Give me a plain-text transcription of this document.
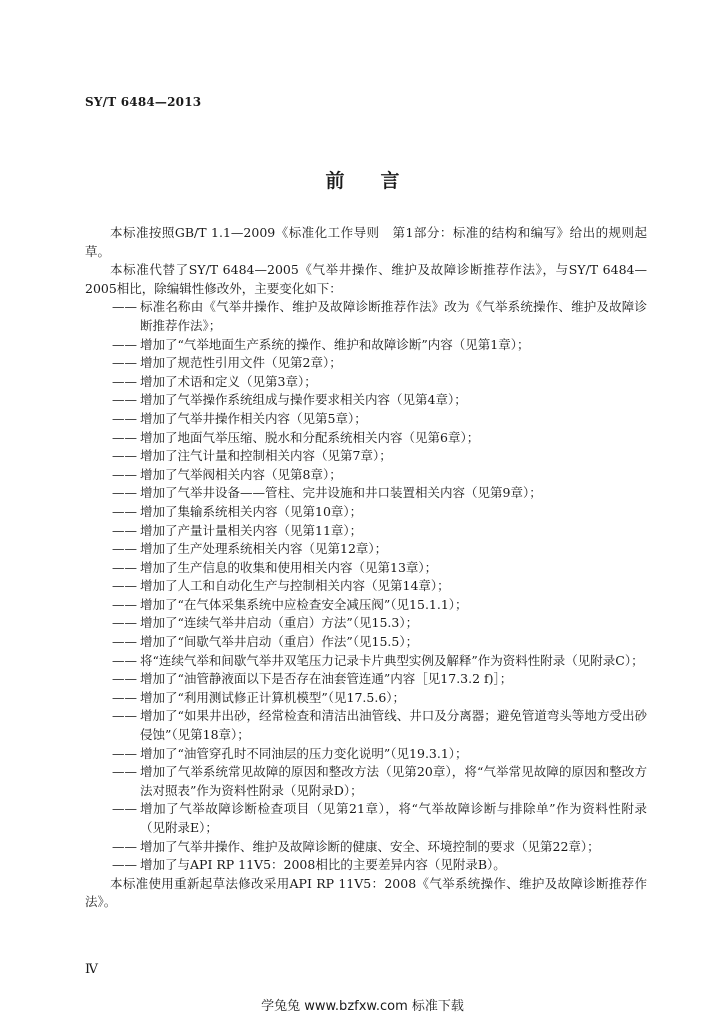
SY/T 6484—2013
前 言

本标准按照GB/T 1.1—2009《标准化工作导则　第1部分：标准的结构和编写》给出的规则起草。

本标准代替了SY/T 6484—2005《气举井操作、维护及故障诊断推荐作法》，与SY/T 6484—2005相比，除编辑性修改外，主要变化如下：

—— 标准名称由《气举井操作、维护及故障诊断推荐作法》改为《气举系统操作、维护及故障诊断推荐作法》；

—— 增加了“气举地面生产系统的操作、维护和故障诊断”内容（见第1章）；

—— 增加了规范性引用文件（见第2章）；

—— 增加了术语和定义（见第3章）；

—— 增加了气举操作系统组成与操作要求相关内容（见第4章）；

—— 增加了气举井操作相关内容（见第5章）；

—— 增加了地面气举压缩、脱水和分配系统相关内容（见第6章）；

—— 增加了注气计量和控制相关内容（见第7章）；

—— 增加了气举阀相关内容（见第8章）；

—— 增加了气举井设备——管柱、完井设施和井口装置相关内容（见第9章）；

—— 增加了集输系统相关内容（见第10章）；

—— 增加了产量计量相关内容（见第11章）；

—— 增加了生产处理系统相关内容（见第12章）；

—— 增加了生产信息的收集和使用相关内容（见第13章）；

—— 增加了人工和自动化生产与控制相关内容（见第14章）；

—— 增加了“在气体采集系统中应检查安全减压阀”（见15.1.1）；

—— 增加了“连续气举井启动（重启）方法”（见15.3）；

—— 增加了“间歇气举井启动（重启）作法”（见15.5）；

—— 将“连续气举和间歇气举井双笔压力记录卡片典型实例及解释”作为资料性附录（见附录C）；

—— 增加了“油管静液面以下是否存在油套管连通”内容［见17.3.2 f)］；

—— 增加了“利用测试修正计算机模型”（见17.5.6）；

—— 增加了“如果井出砂，经常检查和清洁出油管线、井口及分离器；避免管道弯头等地方受出砂侵蚀”（见第18章）；

—— 增加了“油管穿孔时不同油层的压力变化说明”（见19.3.1）；

—— 增加了气举系统常见故障的原因和整改方法（见第20章），将“气举常见故障的原因和整改方法对照表”作为资料性附录（见附录D）；

—— 增加了气举故障诊断检查项目（见第21章），将“气举故障诊断与排除单”作为资料性附录（见附录E）；

—— 增加了气举井操作、维护及故障诊断的健康、安全、环境控制的要求（见第22章）；

—— 增加了与API RP 11V5：2008相比的主要差异内容（见附录B）。

本标准使用重新起草法修改采用API RP 11V5：2008《气举系统操作、维护及故障诊断推荐作法》。

Ⅳ
学兔兔 www.bzfxw.com 标准下载
